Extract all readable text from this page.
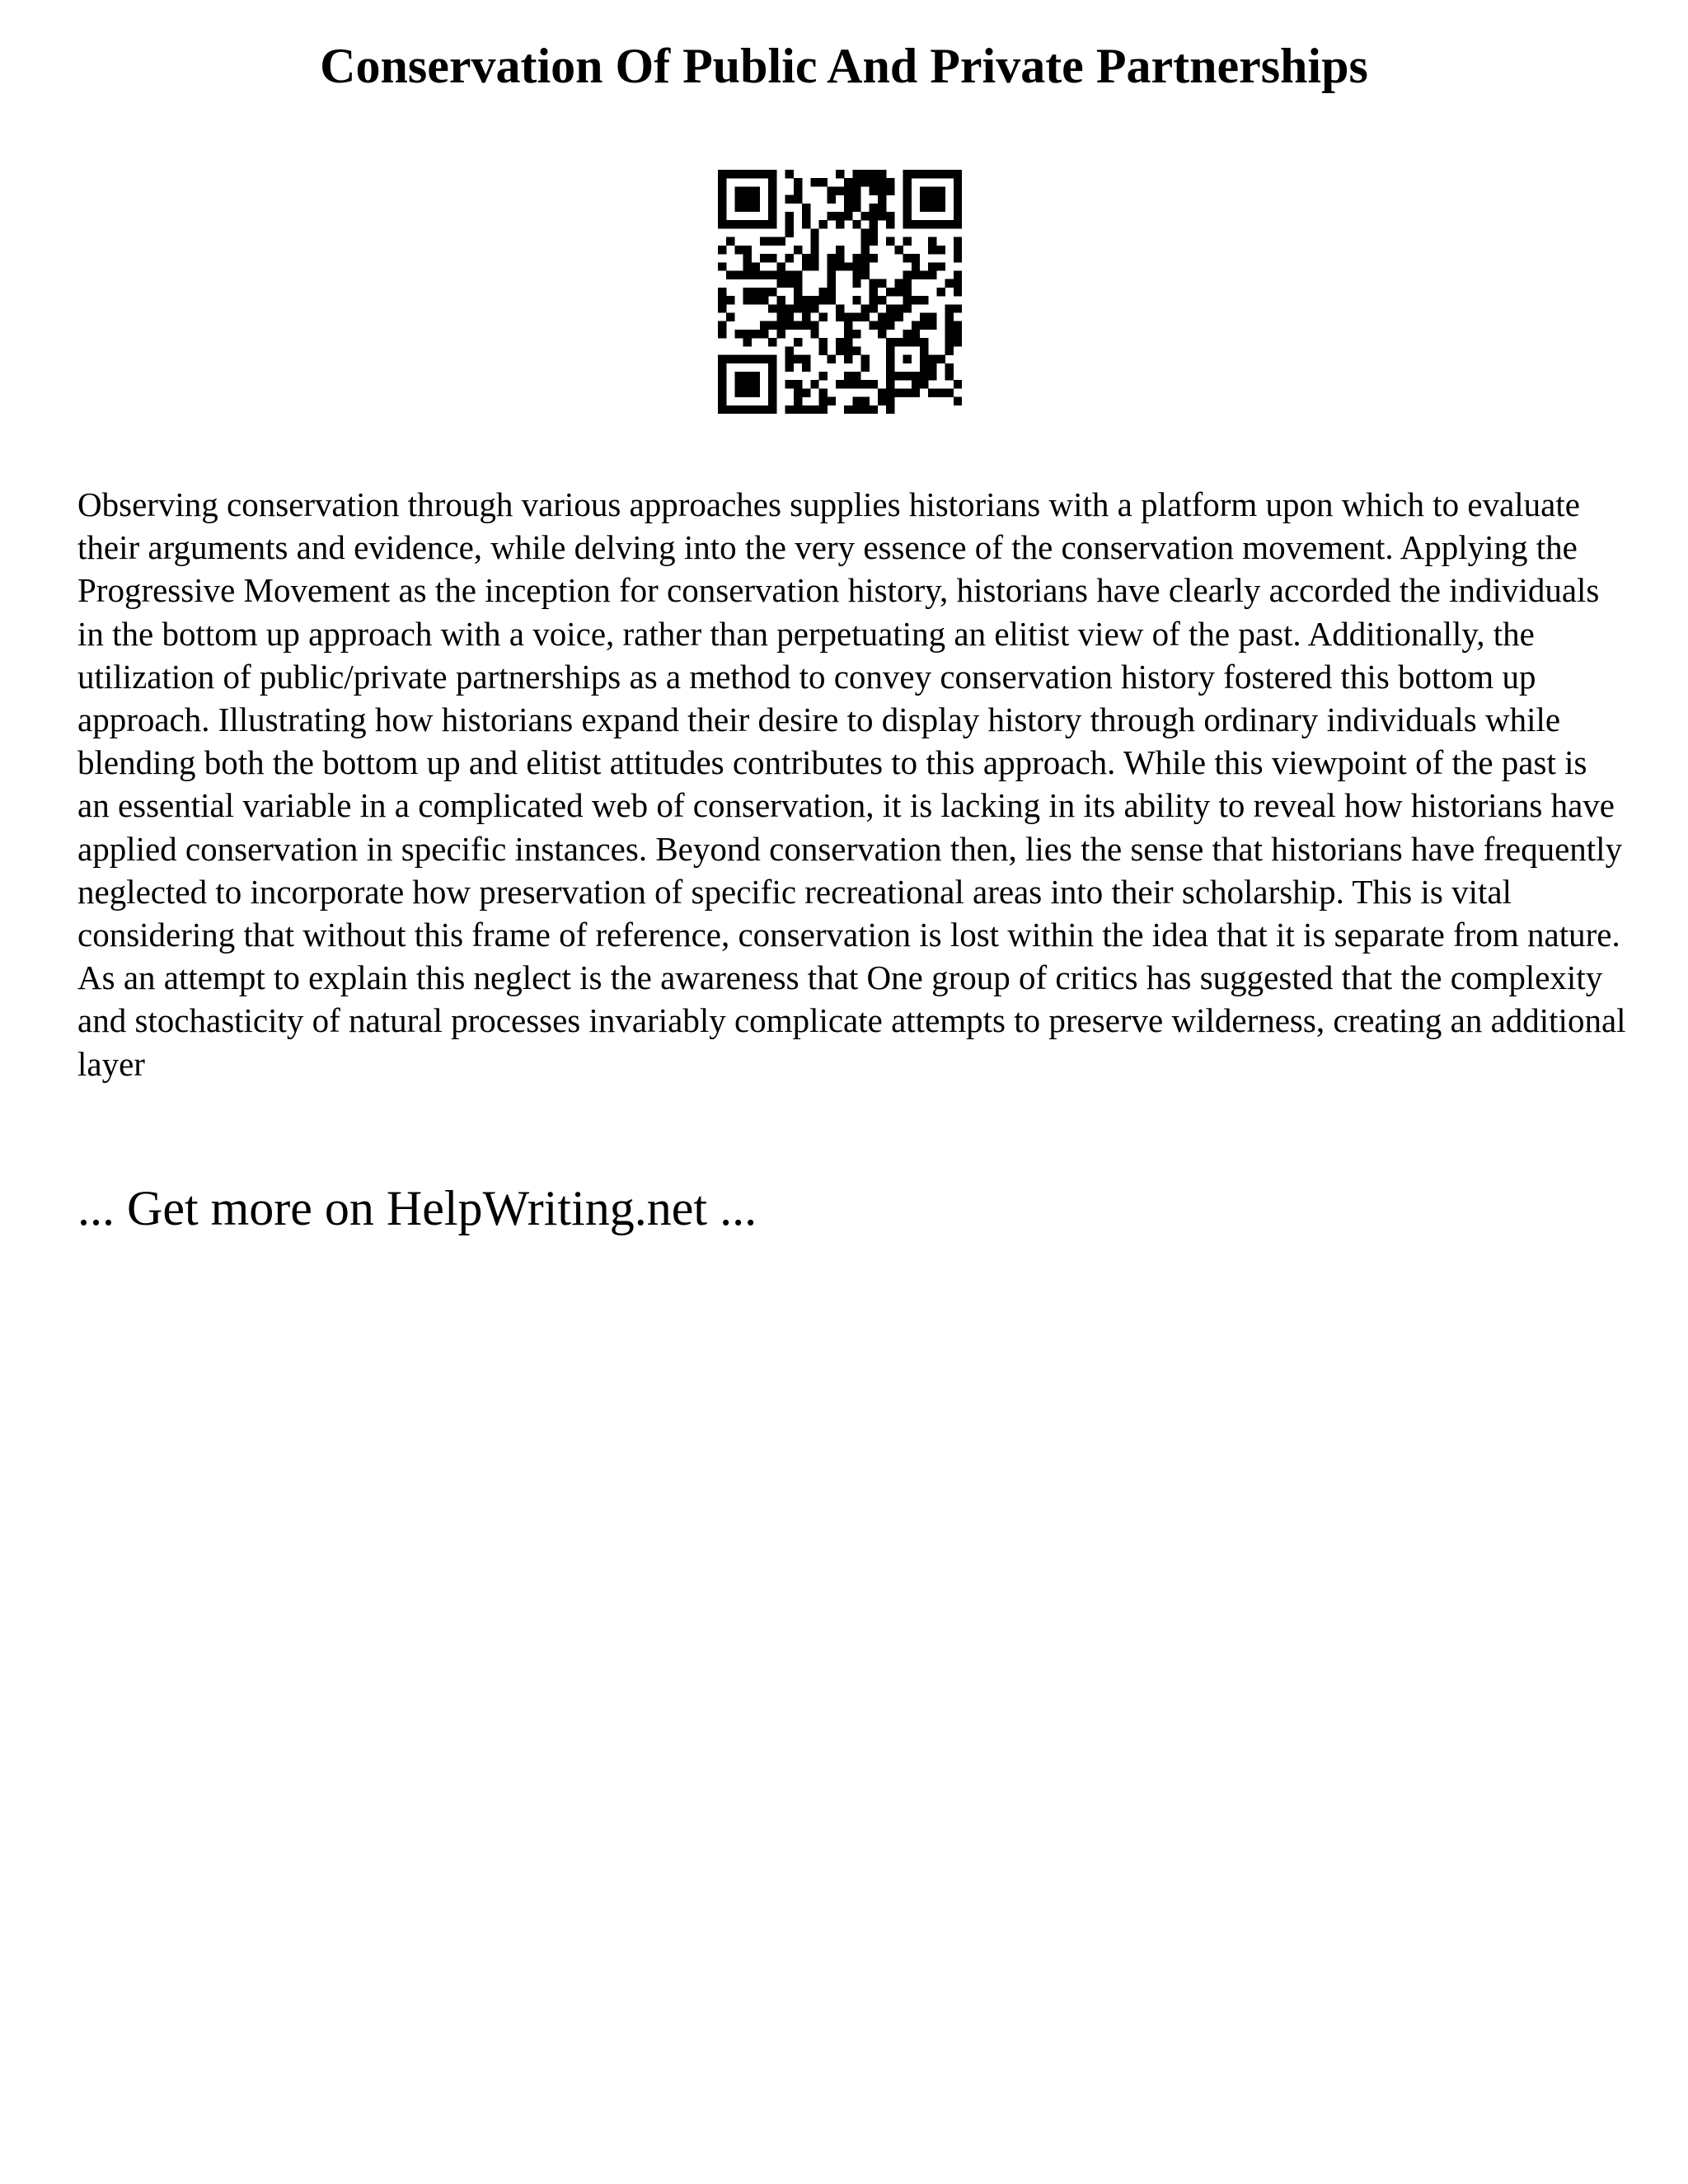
Conservation Of Public And Private Partnerships

Observing conservation through various approaches supplies historians with a platform upon which to evaluate their arguments and evidence, while delving into the very essence of the conservation movement. Applying the Progressive Movement as the inception for conservation history, historians have clearly accorded the individuals in the bottom up approach with a voice, rather than perpetuating an elitist view of the past. Additionally, the utilization of public/private partnerships as a method to convey conservation history fostered this bottom up approach. Illustrating how historians expand their desire to display history through ordinary individuals while blending both the bottom up and elitist attitudes contributes to this approach. While this viewpoint of the past is an essential variable in a complicated web of conservation, it is lacking in its ability to reveal how historians have applied conservation in specific instances. Beyond conservation then, lies the sense that historians have frequently neglected to incorporate how preservation of specific recreational areas into their scholarship. This is vital considering that without this frame of reference, conservation is lost within the idea that it is separate from nature. As an attempt to explain this neglect is the awareness that One group of critics has suggested that the complexity and stochasticity of natural processes invariably complicate attempts to preserve wilderness, creating an additional layer

... Get more on HelpWriting.net ...
